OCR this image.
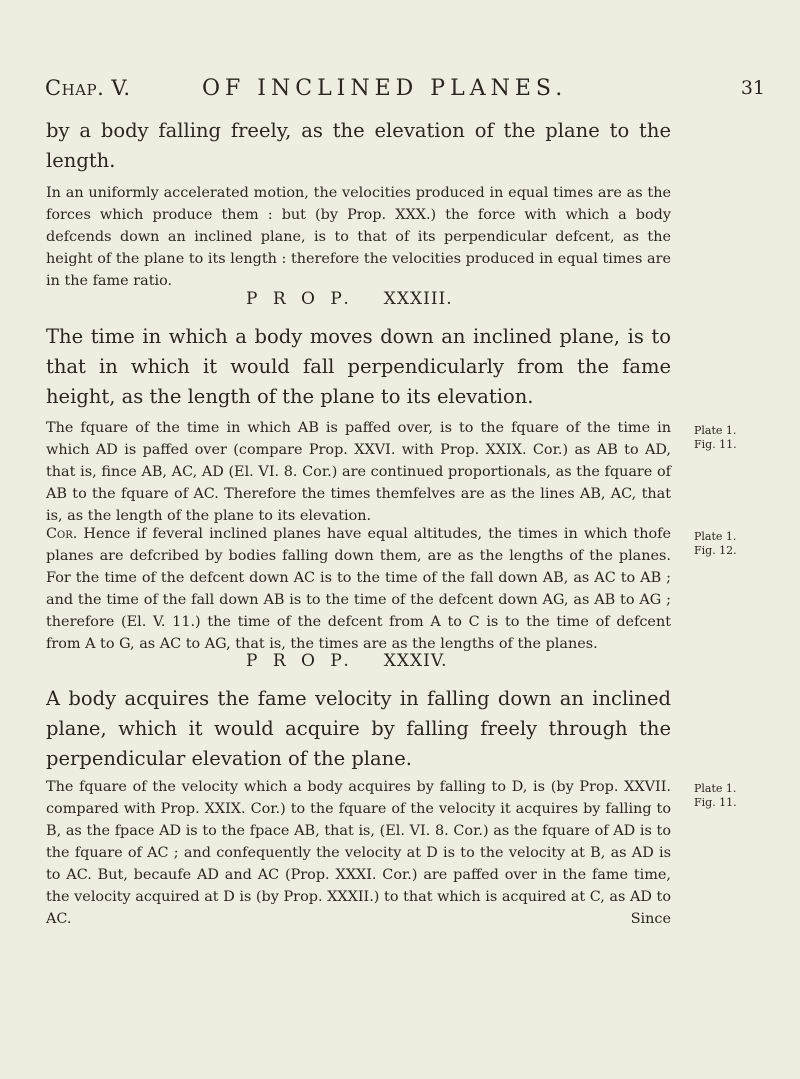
Chap. V.	OF INCLINED PLANES.	31
by a body falling freely, as the elevation of the plane to the length.
In an uniformly accelerated motion, the velocities produced in equal times are as the forces which produce them : but (by Prop. XXX.) the force with which a body defcends down an inclined plane, is to that of its perpendicular defcent, as the height of the plane to its length : therefore the velocities produced in equal times are in the fame ratio.
P R O P. XXXIII.
The time in which a body moves down an inclined plane, is to that in which it would fall perpendicularly from the fame height, as the length of the plane to its elevation.
The fquare of the time in which AB is paffed over, is to the fquare of the time in which AD is paffed over (compare Prop. XXVI. with Prop. XXIX. Cor.) as AB to AD, that is, fince AB, AC, AD (El. VI. 8. Cor.) are continued proportionals, as the fquare of AB to the fquare of AC. Therefore the times themfelves are as the lines AB, AC, that is, as the length of the plane to its elevation.
Cor. Hence if feveral inclined planes have equal altitudes, the times in which thofe planes are defcribed by bodies falling down them, are as the lengths of the planes. For the time of the defcent down AC is to the time of the fall down AB, as AC to AB ; and the time of the fall down AB is to the time of the defcent down AG, as AB to AG ; therefore (El. V. 11.) the time of the defcent from A to C is to the time of defcent from A to G, as AC to AG, that is, the times are as the lengths of the planes.
P R O P. XXXIV.
A body acquires the fame velocity in falling down an inclined plane, which it would acquire by falling freely through the perpendicular elevation of the plane.
The fquare of the velocity which a body acquires by falling to D, is (by Prop. XXVII. compared with Prop. XXIX. Cor.) to the fquare of the velocity it acquires by falling to B, as the fpace AD is to the fpace AB, that is, (El. VI. 8. Cor.) as the fquare of AD is to the fquare of AC ; and confequently the velocity at D is to the velocity at B, as AD is to AC. But, becaufe AD and AC (Prop. XXXI. Cor.) are paffed over in the fame time, the velocity acquired at D is (by Prop. XXXII.) to that which is acquired at C, as AD to AC.	Since
Plate 1.
Fig. 11.
Plate 1.
Fig. 12.
Plate 1.
Fig. 11.
